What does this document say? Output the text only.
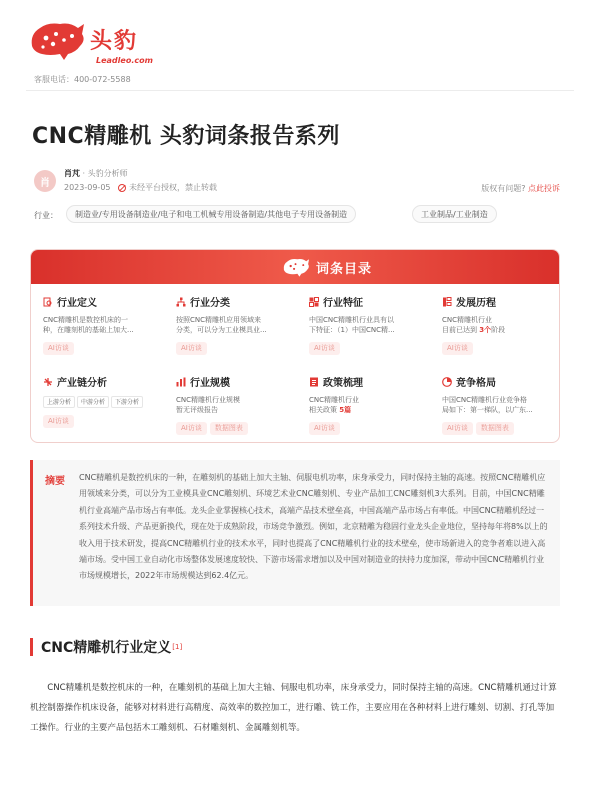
头豹
Leadleo.com
客服电话：400-072-5588
CNC精雕机 头豹词条报告系列
肖
肖芃 · 头豹分析师
2023-09-05 未经平台授权，禁止转载	版权有问题? 点此投诉
行业：	制造业/专用设备制造业/电子和电工机械专用设备制造/其他电子专用设备制造	工业制品/工业制造
词条目录
行业定义
CNC精雕机是数控机床的一
种，在雕刻机的基础上加大...
AI访谈
行业分类
按照CNC精雕机应用领域来
分类，可以分为工业模具业...
AI访谈
行业特征
中国CNC精雕机行业具有以
下特征：（1）中国CNC精...
AI访谈
发展历程
CNC精雕机行业
目前已达到 3个阶段
AI访谈
产业链分析
上游分析 中游分析 下游分析
AI访谈
行业规模
CNC精雕机行业规模
暂无评级报告
AI访谈 数据图表
政策梳理
CNC精雕机行业
相关政策 5篇
AI访谈
竞争格局
中国CNC精雕机行业竞争格
局如下：第一梯队，以广东...
AI访谈 数据图表
摘要 CNC精雕机是数控机床的一种，在雕刻机的基础上加大主轴、伺服电机功率，床身承受力，同时保持主轴的高速。按照CNC精雕机应用领域来分类，可以分为工业模具业CNC雕刻机、环境艺术业CNC雕刻机、专业产品加工CNC雕刻机3大系列。目前，中国CNC精雕机行业高端产品市场占有率低。龙头企业掌握核心技术，高端产品技术壁垒高，中国高端产品市场占有率低。中国CNC精雕机经过一系列技术升级、产品更新换代，现在处于成熟阶段，市场竞争激烈。例如，北京精雕为稳固行业龙头企业地位，坚持每年将8%以上的收入用于技术研发，提高CNC精雕机行业的技术水平，同时也提高了CNC精雕机行业的技术壁垒，使市场新进入的竞争者难以进入高端市场。受中国工业自动化市场整体发展速度较快、下游市场需求增加以及中国对制造业的扶持力度加深，带动中国CNC精雕机行业市场规模增长，2022年市场规模达到62.4亿元。
CNC精雕机行业定义 [1]

CNC精雕机是数控机床的一种，在雕刻机的基础上加大主轴、伺服电机功率，床身承受力，同时保持主轴的高速。CNC精雕机通过计算机控制器操作机床设备，能够对材料进行高精度、高效率的数控加工，进行雕、铣工作，主要应用在各种材料上进行雕刻、切割、打孔等加工操作。行业的主要产品包括木工雕刻机、石材雕刻机、金属雕刻机等。
